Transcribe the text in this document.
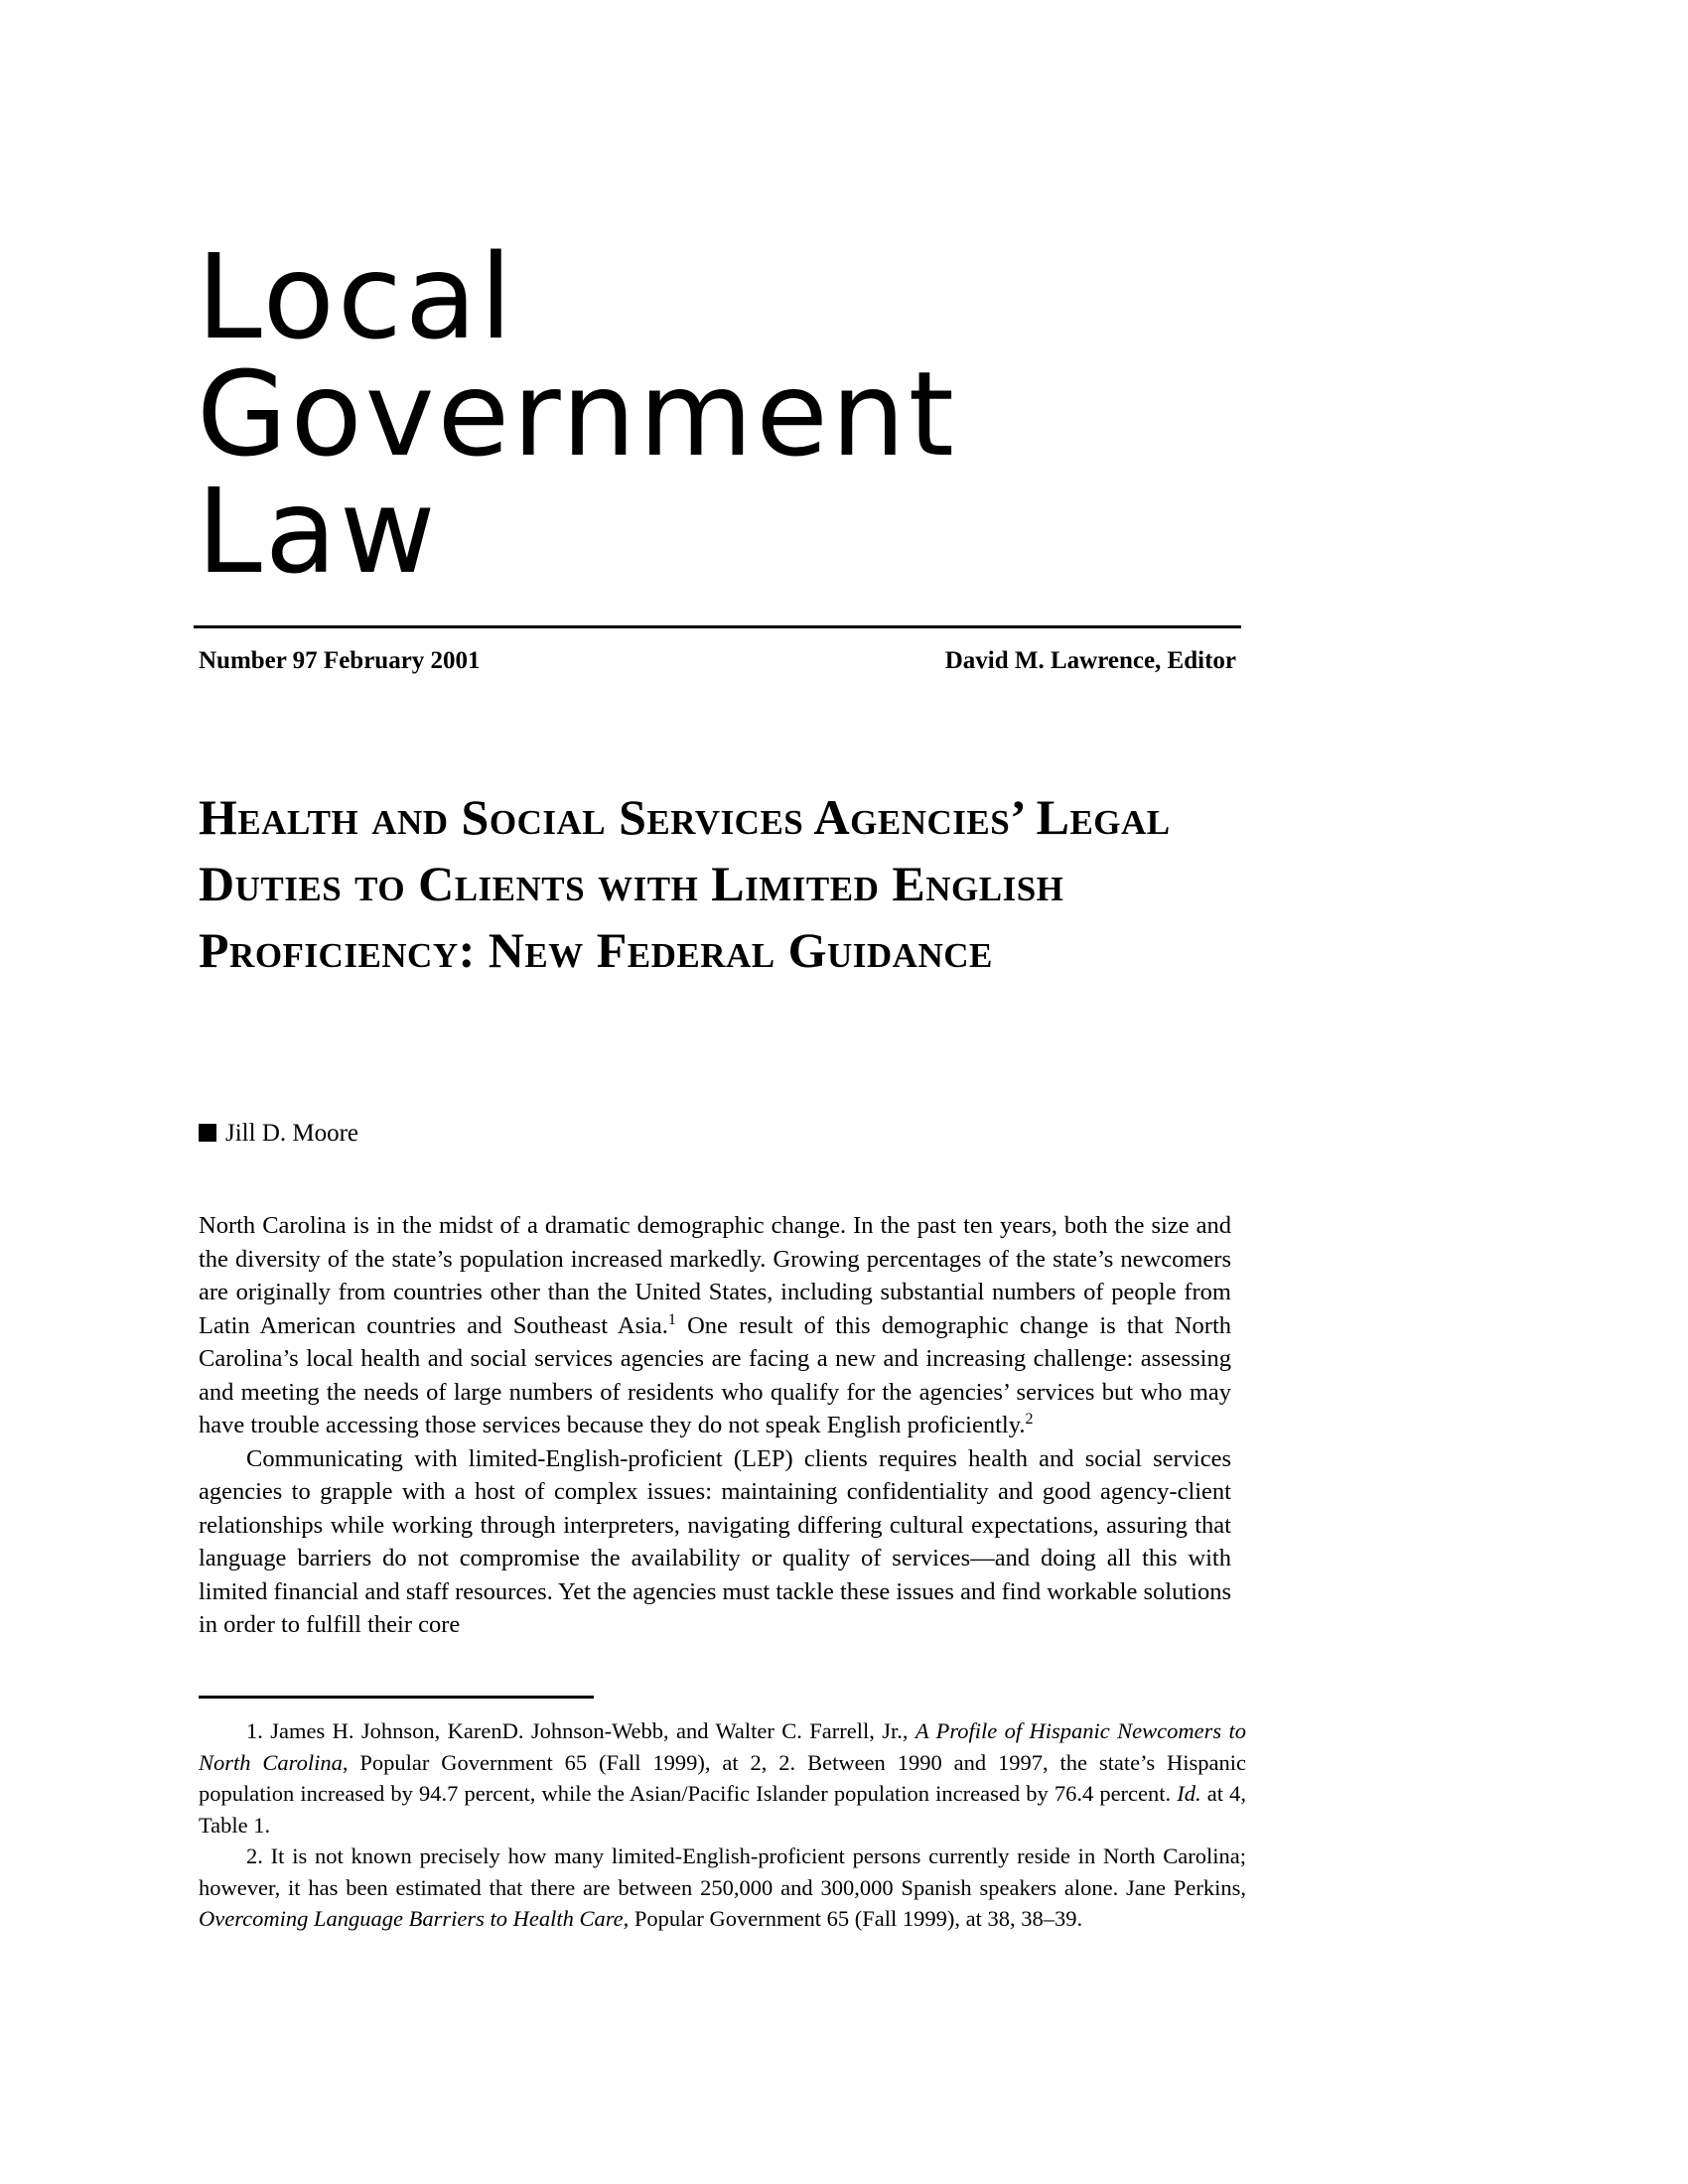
Local
Government
Law
Number 97 February 2001	David M. Lawrence, Editor
Health and Social Services Agencies’ Legal Duties to Clients with Limited English Proficiency: New Federal Guidance
Jill D. Moore

North Carolina is in the midst of a dramatic demographic change. In the past ten years, both the size and the diversity of the state’s population increased markedly. Growing percentages of the state’s newcomers are originally from countries other than the United States, including substantial numbers of people from Latin American countries and Southeast Asia.$^1$ One result of this demographic change is that North Carolina’s local health and social services agencies are facing a new and increasing challenge: assessing and meeting the needs of large numbers of residents who qualify for the agencies’ services but who may have trouble accessing those services because they do not speak English proficiently.$^2$

Communicating with limited-English-proficient (LEP) clients requires health and social services agencies to grapple with a host of complex issues: maintaining confidentiality and good agency-client relationships while working through interpreters, navigating differing cultural expectations, assuring that language barriers do not compromise the availability or quality of services—and doing all this with limited financial and staff resources. Yet the agencies must tackle these issues and find workable solutions in order to fulfill their core

1. James H. Johnson, KarenD. Johnson-Webb, and Walter C. Farrell, Jr., A Profile of Hispanic Newcomers to North Carolina, Popular Government 65 (Fall 1999), at 2, 2. Between 1990 and 1997, the state’s Hispanic population increased by 94.7 percent, while the Asian/Pacific Islander population increased by 76.4 percent. Id. at 4, Table 1.

2. It is not known precisely how many limited-English-proficient persons currently reside in North Carolina; however, it has been estimated that there are between 250,000 and 300,000 Spanish speakers alone. Jane Perkins, Overcoming Language Barriers to Health Care, Popular Government 65 (Fall 1999), at 38, 38–39.
